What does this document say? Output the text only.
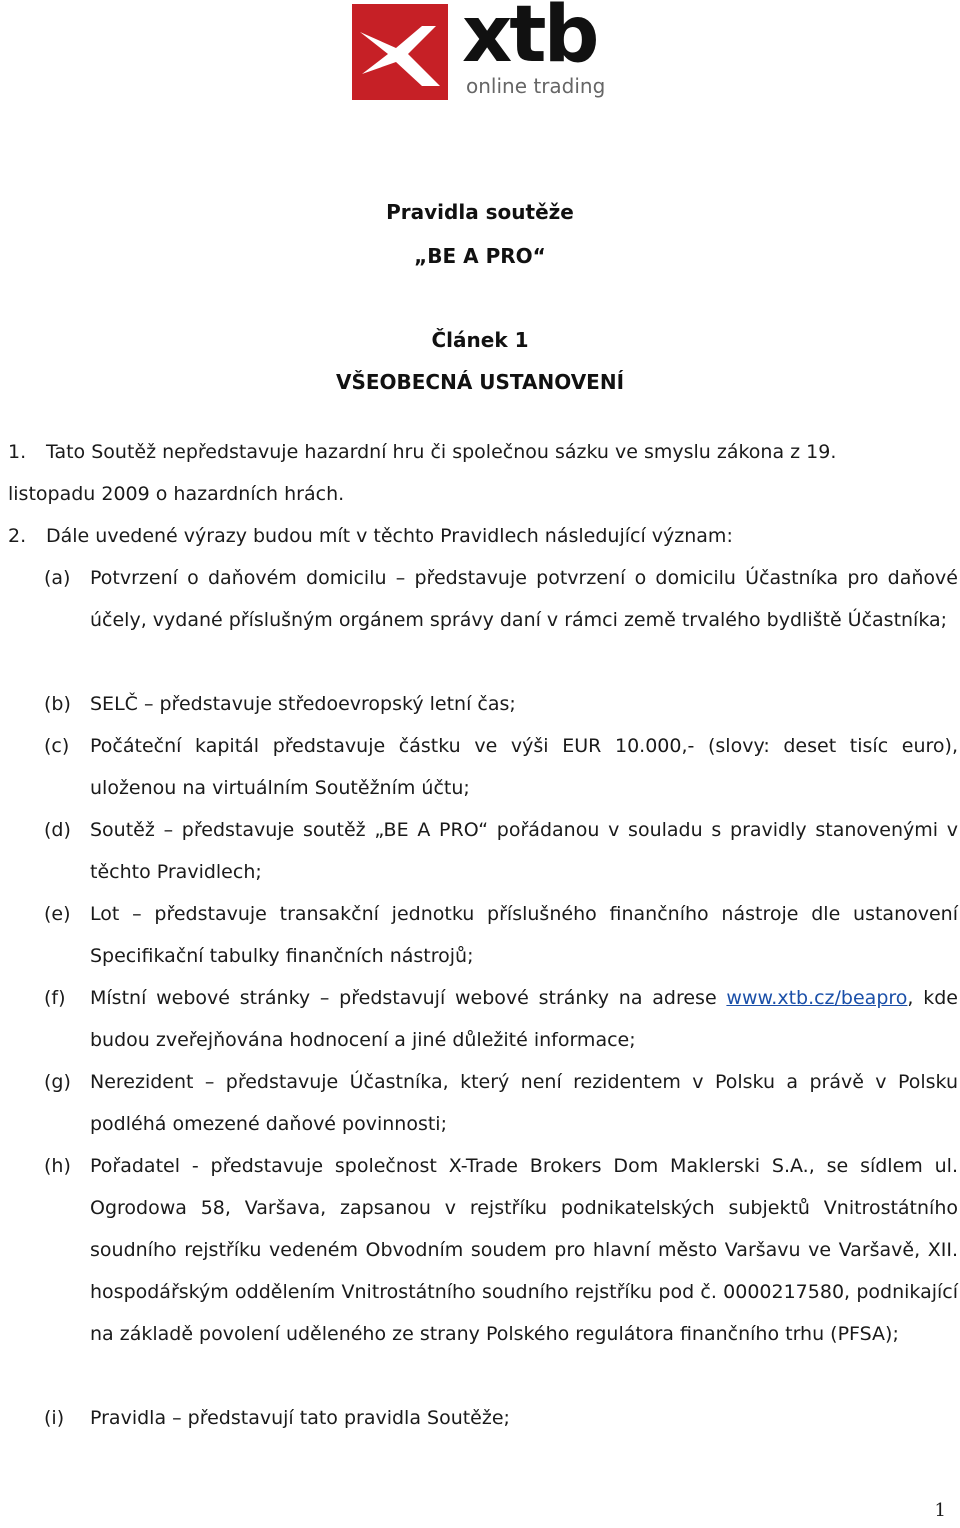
xtb
online trading
Pravidla soutěže
„BE A PRO“
Článek 1
VŠEOBECNÁ USTANOVENÍ
1. Tato Soutěž nepředstavuje hazardní hru či společnou sázku ve smyslu zákona z 19.
listopadu 2009 o hazardních hrách.
2. Dále uvedené výrazy budou mít v těchto Pravidlech následující význam:
(a)	Potvrzení o daňovém domicilu – představuje potvrzení o domicilu Účastníka pro daňové účely, vydané příslušným orgánem správy daní v rámci země trvalého bydliště Účastníka;
(b)	SELČ – představuje středoevropský letní čas;
(c)	Počáteční kapitál představuje částku ve výši EUR 10.000,- (slovy: deset tisíc euro), uloženou na virtuálním Soutěžním účtu;
(d)	Soutěž – představuje soutěž „BE A PRO“ pořádanou v souladu s pravidly stanovenými v těchto Pravidlech;
(e)	Lot – představuje transakční jednotku příslušného finančního nástroje dle ustanovení Specifikační tabulky finančních nástrojů;
(f)	Místní webové stránky – představují webové stránky na adrese www.xtb.cz/beapro, kde budou zveřejňována hodnocení a jiné důležité informace;
(g)	Nerezident – představuje Účastníka, který není rezidentem v Polsku a právě v Polsku podléhá omezené daňové povinnosti;
(h)	Pořadatel - představuje společnost X-Trade Brokers Dom Maklerski S.A., se sídlem ul. Ogrodowa 58, Varšava, zapsanou v rejstříku podnikatelských subjektů Vnitrostátního soudního rejstříku vedeném Obvodním soudem pro hlavní město Varšavu ve Varšavě, XII. hospodářským oddělením Vnitrostátního soudního rejstříku pod č. 0000217580, podnikající na základě povolení uděleného ze strany Polského regulátora finančního trhu (PFSA);
(i)	Pravidla – představují tato pravidla Soutěže;
1
